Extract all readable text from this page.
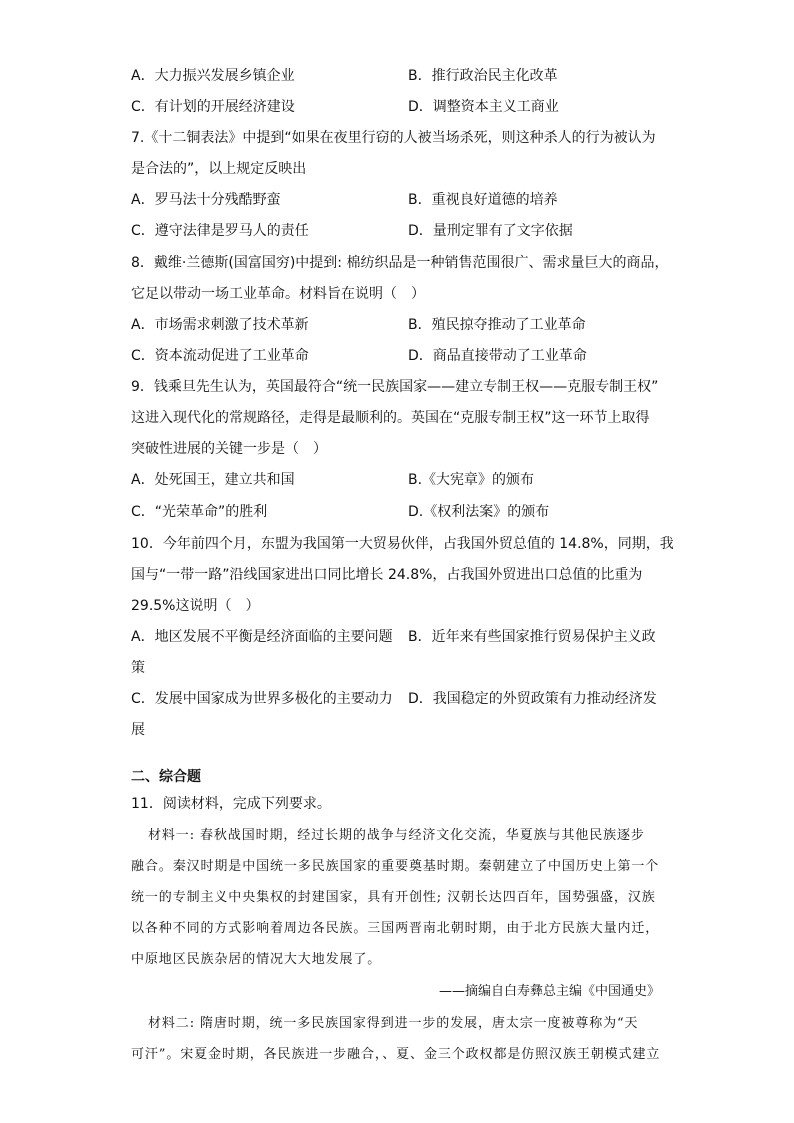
A．大力振兴发展乡镇企业	B．推行政治民主化改革
C．有计划的开展经济建设	D．调整资本主义工商业
7.《十二铜表法》中提到“如果在夜里行窃的人被当场杀死，则这种杀人的行为被认为
是合法的”，以上规定反映出
A．罗马法十分残酷野蛮	B．重视良好道德的培养
C．遵守法律是罗马人的责任	D．量刑定罪有了文字依据
8．戴维·兰德斯(国富国穷)中提到: 棉纺织品是一种销售范围很广、需求量巨大的商品，
它足以带动一场工业革命。材料旨在说明（　）
A．市场需求刺激了技术革新	B．殖民掠夺推动了工业革命
C．资本流动促进了工业革命	D．商品直接带动了工业革命
9．钱乘旦先生认为，英国最符合“统一民族国家——建立专制王权——克服专制王权”
这进入现代化的常规路径，走得是最顺利的。英国在“克服专制王权”这一环节上取得
突破性进展的关键一步是（　）
A．处死国王，建立共和国	B.《大宪章》的颁布
C．“光荣革命”的胜利	D.《权利法案》的颁布
10．今年前四个月，东盟为我国第一大贸易伙伴，占我国外贸总值的 14.8%，同期，我
国与“一带一路”沿线国家进出口同比增长 24.8%，占我国外贸进出口总值的比重为
29.5%这说明（　）
A．地区发展不平衡是经济面临的主要问题 B．近年来有些国家推行贸易保护主义政
策
C．发展中国家成为世界多极化的主要动力 D．我国稳定的外贸政策有力推动经济发
展
二、综合题
11．阅读材料，完成下列要求。
材料一: 春秋战国时期，经过长期的战争与经济文化交流，华夏族与其他民族逐步
融合。秦汉时期是中国统一多民族国家的重要奠基时期。秦朝建立了中国历史上第一个
统一的专制主义中央集权的封建国家，具有开创性; 汉朝长达四百年，国势强盛，汉族
以各种不同的方式影响着周边各民族。三国两晋南北朝时期，由于北方民族大量内迁，
中原地区民族杂居的情况大大地发展了。
——摘编自白寿彝总主编《中国通史》
材料二: 隋唐时期，统一多民族国家得到进一步的发展，唐太宗一度被尊称为“天
可汗”。宋夏金时期，各民族进一步融合，、夏、金三个政权都是仿照汉族王朝模式建立
